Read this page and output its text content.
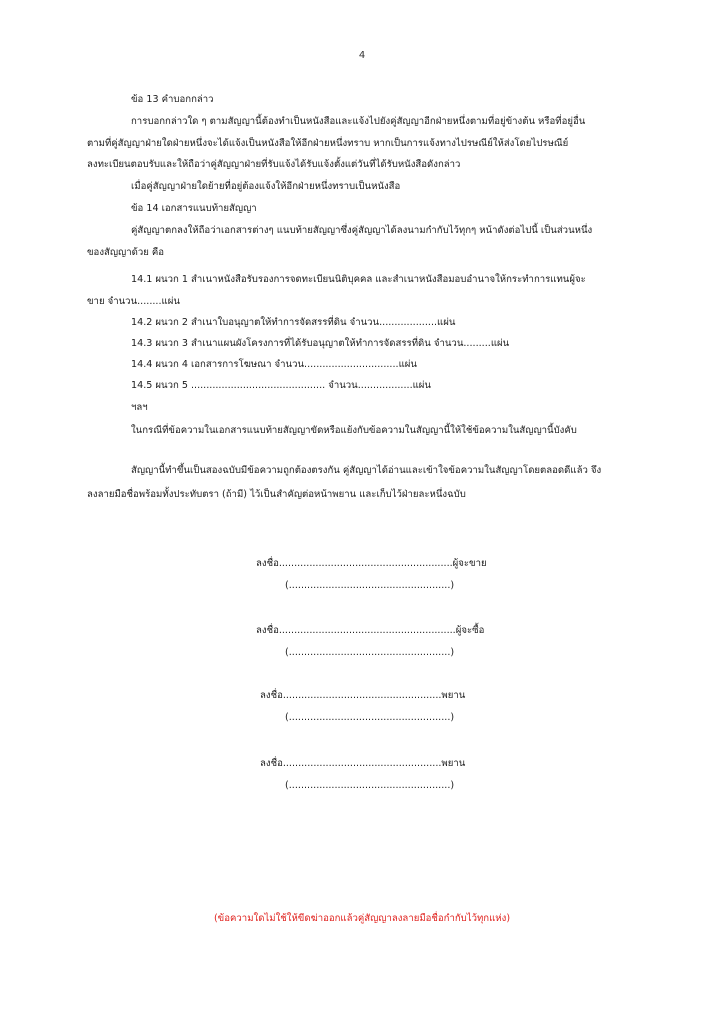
4
ข้อ 13 คำบอกกล่าว
การบอกกล่าวใด ๆ ตามสัญญานี้ต้องทำเป็นหนังสือและแจ้งไปยังคู่สัญญาอีกฝ่ายหนึ่งตามที่อยู่ข้างต้น หรือที่อยู่อื่น
ตามที่คู่สัญญาฝ่ายใดฝ่ายหนึ่งจะได้แจ้งเป็นหนังสือให้อีกฝ่ายหนึ่งทราบ หากเป็นการแจ้งทางไปรษณีย์ให้ส่งโดยไปรษณีย์
ลงทะเบียนตอบรับและให้ถือว่าคู่สัญญาฝ่ายที่รับแจ้งได้รับแจ้งตั้งแต่วันที่ได้รับหนังสือดังกล่าว
เมื่อคู่สัญญาฝ่ายใดย้ายที่อยู่ต้องแจ้งให้อีกฝ่ายหนึ่งทราบเป็นหนังสือ
ข้อ 14 เอกสารแนบท้ายสัญญา
คู่สัญญาตกลงให้ถือว่าเอกสารต่างๆ แนบท้ายสัญญาซึ่งคู่สัญญาได้ลงนามกำกับไว้ทุกๆ หน้าดังต่อไปนี้ เป็นส่วนหนึ่ง
ของสัญญาด้วย คือ
14.1 ผนวก 1 สำเนาหนังสือรับรองการจดทะเบียนนิติบุคคล และสำเนาหนังสือมอบอำนาจให้กระทำการแทนผู้จะ
ขาย จำนวน........แผ่น
14.2 ผนวก 2 สำเนาใบอนุญาตให้ทำการจัดสรรที่ดิน จำนวน...................แผ่น
14.3 ผนวก 3 สำเนาแผนผังโครงการที่ได้รับอนุญาตให้ทำการจัดสรรที่ดิน จำนวน.........แผ่น
14.4 ผนวก 4 เอกสารการโฆษณา จำนวน...............................แผ่น
14.5 ผนวก 5 ............................................ จำนวน..................แผ่น
ฯลฯ
ในกรณีที่ข้อความในเอกสารแนบท้ายสัญญาขัดหรือแย้งกับข้อความในสัญญานี้ให้ใช้ข้อความในสัญญานี้บังคับ
สัญญานี้ทำขึ้นเป็นสองฉบับมีข้อความถูกต้องตรงกัน คู่สัญญาได้อ่านและเข้าใจข้อความในสัญญาโดยตลอดดีแล้ว จึง
ลงลายมือชื่อพร้อมทั้งประทับตรา (ถ้ามี) ไว้เป็นสำคัญต่อหน้าพยาน และเก็บไว้ฝ่ายละหนึ่งฉบับ
ลงชื่อ.........................................................ผู้จะขาย
(.....................................................)
ลงชื่อ..........................................................ผู้จะซื้อ
(.....................................................)
ลงชื่อ....................................................พยาน
(.....................................................)
ลงชื่อ....................................................พยาน
(.....................................................)
(ข้อความใดไม่ใช้ให้ขีดฆ่าออกแล้วคู่สัญญาลงลายมือชื่อกำกับไว้ทุกแห่ง)
